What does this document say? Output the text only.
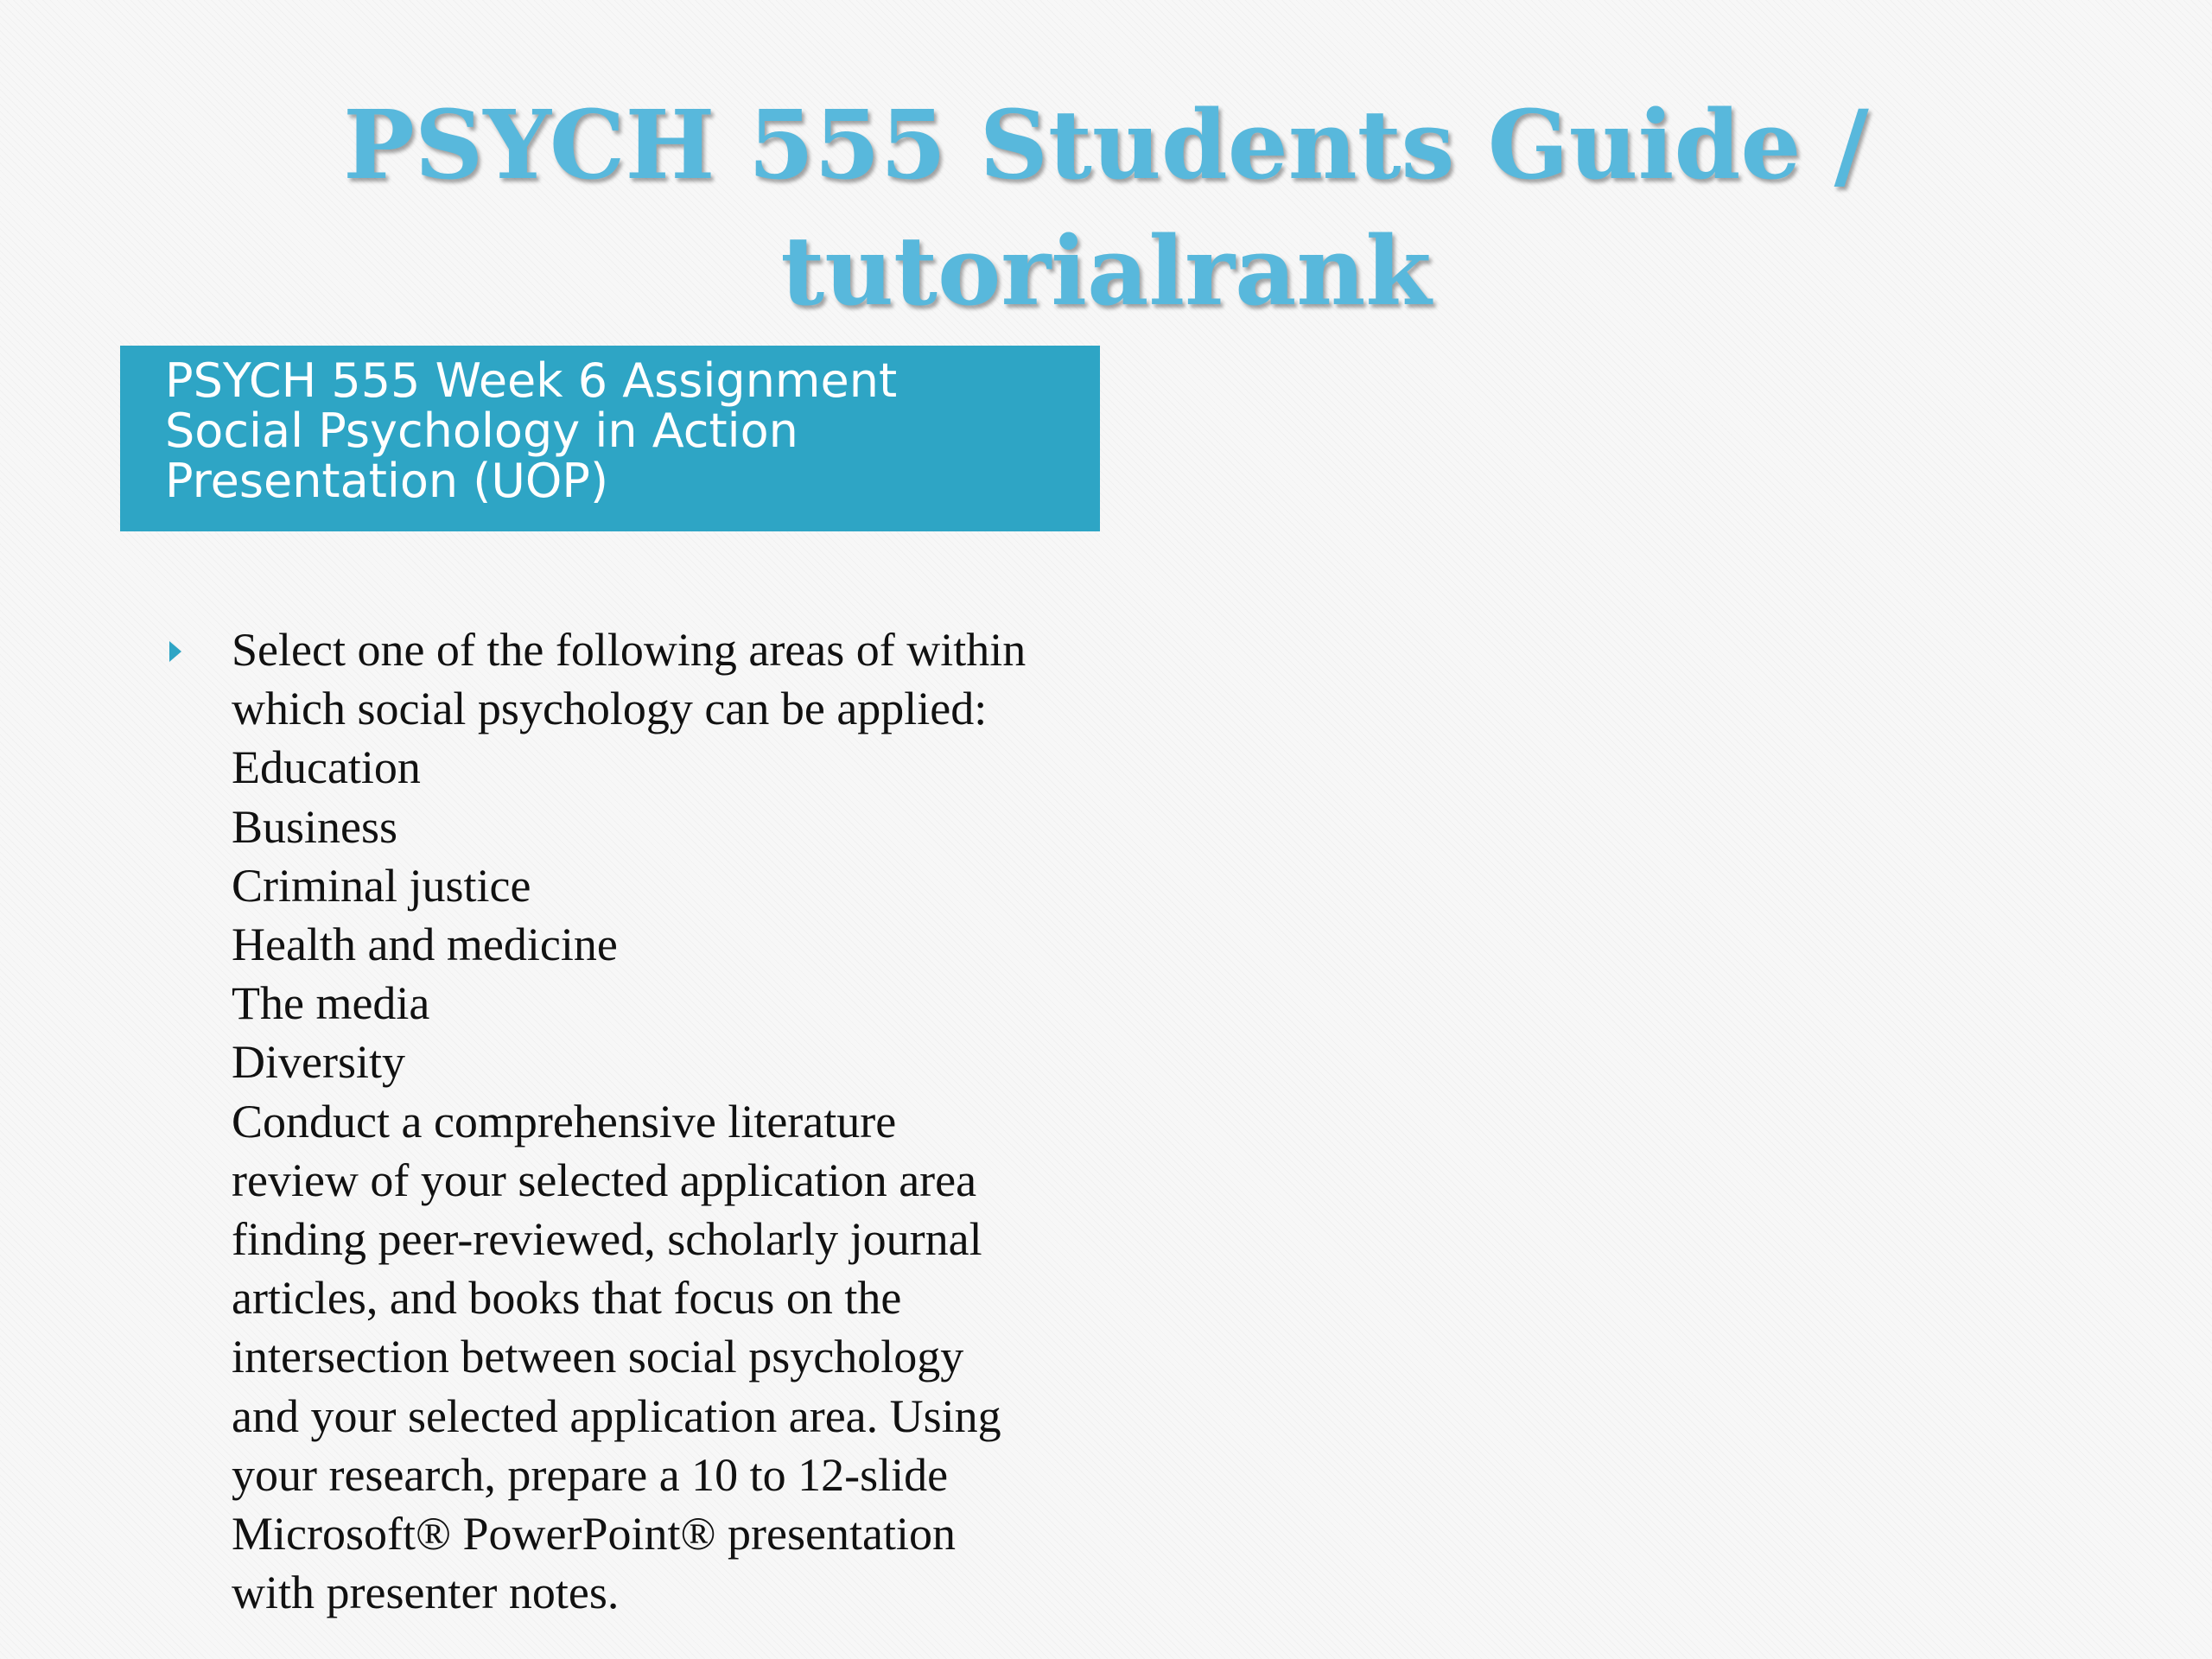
PSYCH 555 Students Guide /
tutorialrank
PSYCH 555 Week 6 Assignment
Social Psychology in Action
Presentation (UOP)
Select one of the following areas of within
which social psychology can be applied:
Education
Business
Criminal justice
Health and medicine
The media
Diversity
Conduct a comprehensive literature
review of your selected application area
finding peer-reviewed, scholarly journal
articles, and books that focus on the
intersection between social psychology
and your selected application area. Using
your research, prepare a 10 to 12-slide
Microsoft® PowerPoint® presentation
with presenter notes.
